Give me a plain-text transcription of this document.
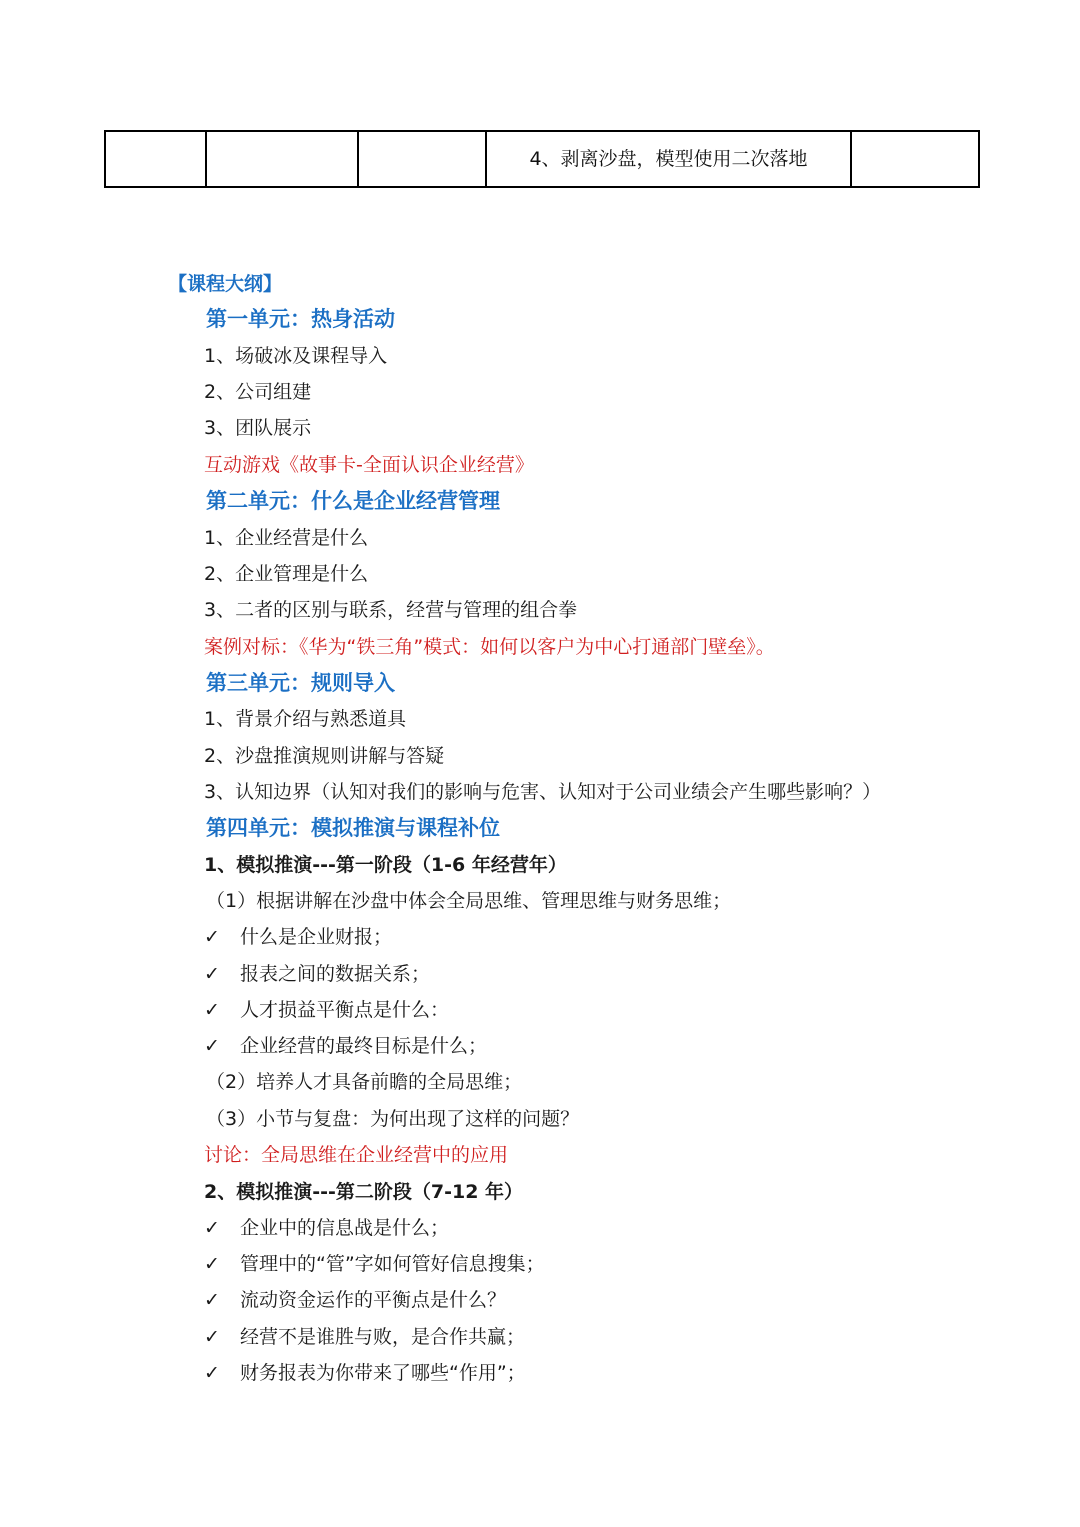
			4、剥离沙盘，模型使用二次落地	
【课程大纲】
第一单元：热身活动
1、场破冰及课程导入
2、公司组建
3、团队展示
互动游戏《故事卡-全面认识企业经营》
第二单元：什么是企业经营管理
1、企业经营是什么
2、企业管理是什么
3、二者的区别与联系，经营与管理的组合拳
案例对标：《华为“铁三角”模式：如何以客户为中心打通部门壁垒》。
第三单元：规则导入
1、背景介绍与熟悉道具
2、沙盘推演规则讲解与答疑
3、认知边界（认知对我们的影响与危害、认知对于公司业绩会产生哪些影响？）
第四单元：模拟推演与课程补位
1、模拟推演---第一阶段（1-6 年经营年）
（1）根据讲解在沙盘中体会全局思维、管理思维与财务思维；
✓ 什么是企业财报；
✓ 报表之间的数据关系；
✓ 人才损益平衡点是什么：
✓ 企业经营的最终目标是什么；
（2）培养人才具备前瞻的全局思维；
（3）小节与复盘：为何出现了这样的问题？
讨论：全局思维在企业经营中的应用
2、模拟推演---第二阶段（7-12 年）
✓ 企业中的信息战是什么；
✓ 管理中的“管”字如何管好信息搜集；
✓ 流动资金运作的平衡点是什么？
✓ 经营不是谁胜与败，是合作共赢；
✓ 财务报表为你带来了哪些“作用”；
